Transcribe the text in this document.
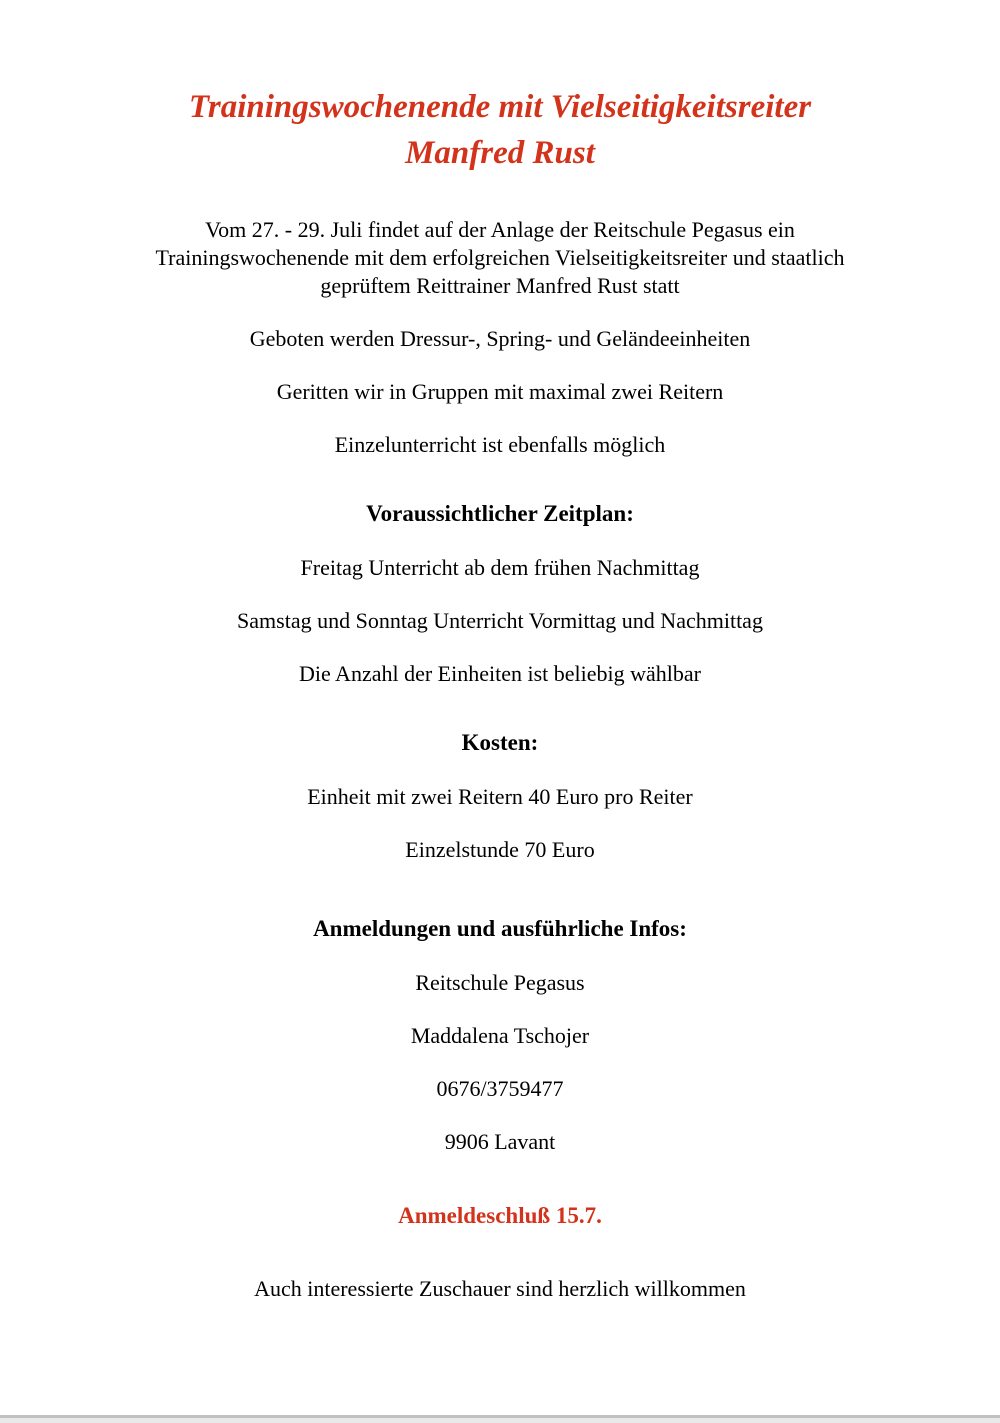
Trainingswochenende mit Vielseitigkeitsreiter
Manfred Rust

Vom 27. - 29. Juli findet auf der Anlage der Reitschule Pegasus ein
Trainingswochenende mit dem erfolgreichen Vielseitigkeitsreiter und staatlich
geprüftem Reittrainer Manfred Rust statt

Geboten werden Dressur-, Spring- und Geländeeinheiten

Geritten wir in Gruppen mit maximal zwei Reitern

Einzelunterricht ist ebenfalls möglich

Voraussichtlicher Zeitplan:

Freitag Unterricht ab dem frühen Nachmittag

Samstag und Sonntag Unterricht Vormittag und Nachmittag

Die Anzahl der Einheiten ist beliebig wählbar

Kosten:

Einheit mit zwei Reitern 40 Euro pro Reiter

Einzelstunde 70 Euro

Anmeldungen und ausführliche Infos:

Reitschule Pegasus

Maddalena Tschojer

0676/3759477

9906 Lavant

Anmeldeschluß 15.7.

Auch interessierte Zuschauer sind herzlich willkommen
